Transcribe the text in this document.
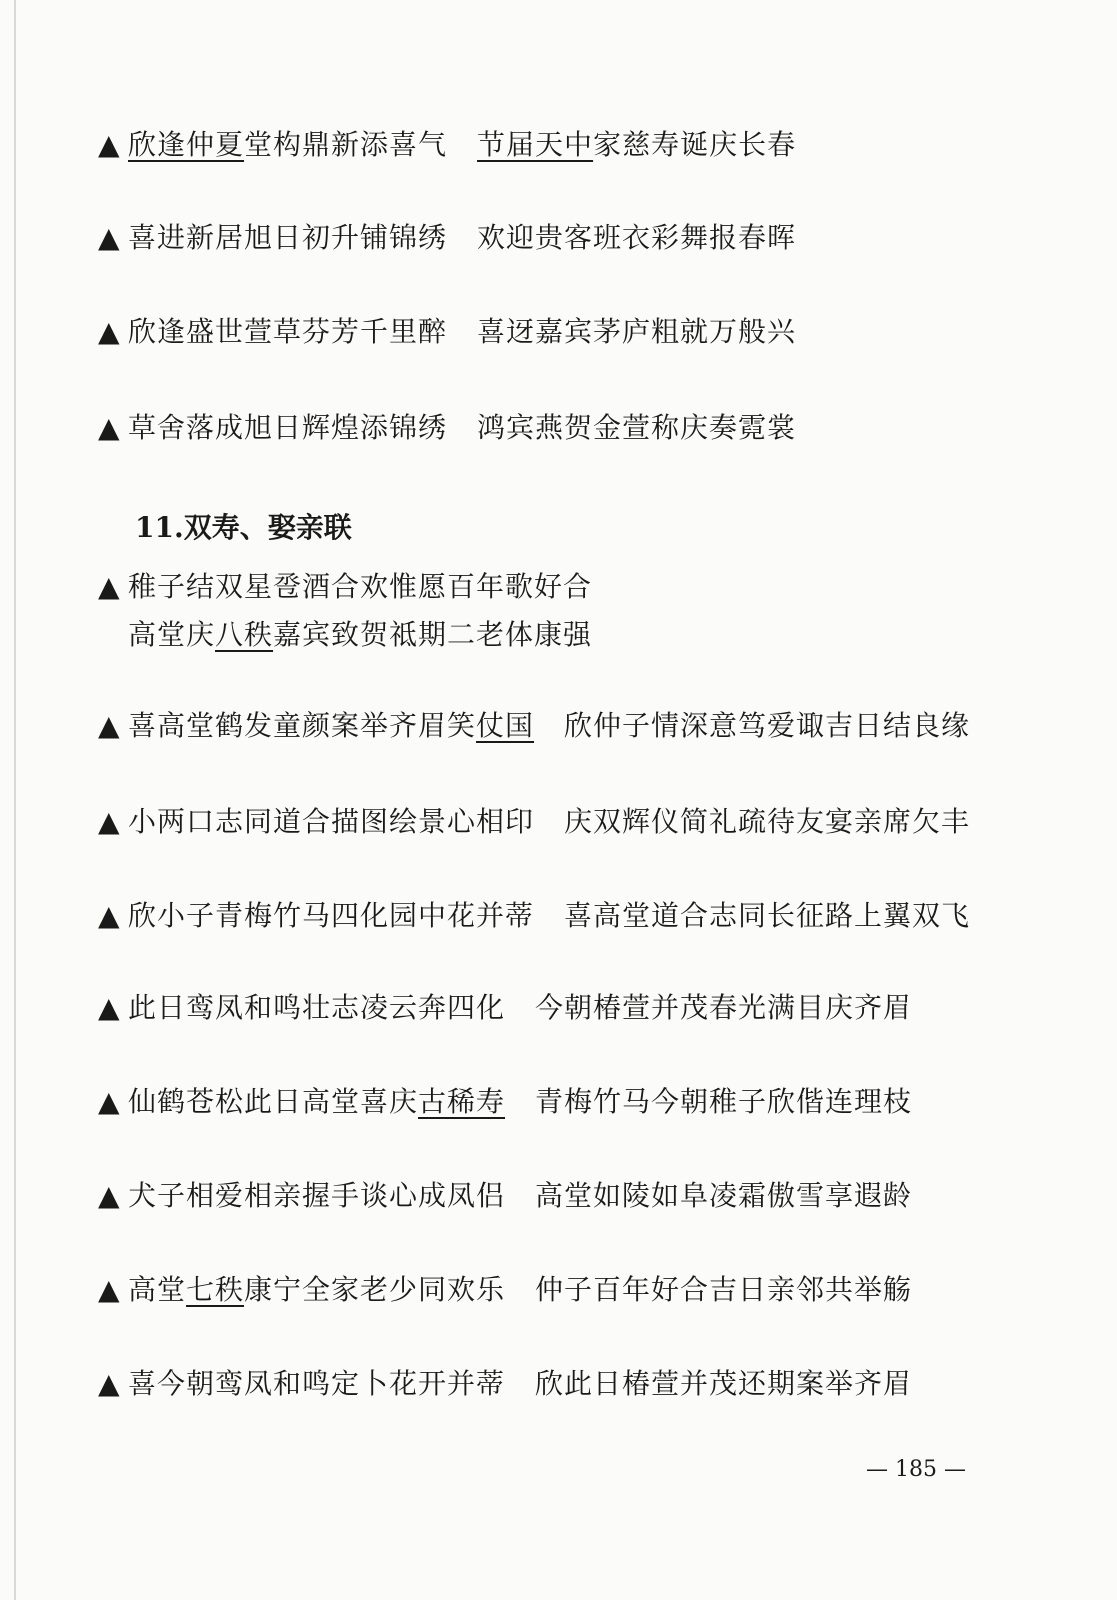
▲ 欣逢仲夏堂构鼎新添喜气 节届天中家慈寿诞庆长春
▲ 喜进新居旭日初升铺锦绣 欢迎贵客班衣彩舞报春晖
▲ 欣逢盛世萱草芬芳千里醉 喜迓嘉宾茅庐粗就万般兴
▲ 草舍落成旭日辉煌添锦绣 鸿宾燕贺金萱称庆奏霓裳
11.双寿、娶亲联
▲ 稚子结双星卺酒合欢惟愿百年歌好合
高堂庆八秩嘉宾致贺祗期二老体康强
▲ 喜高堂鹤发童颜案举齐眉笑仗国 欣仲子情深意笃爱诹吉日结良缘
▲ 小两口志同道合描图绘景心相印 庆双辉仪简礼疏待友宴亲席欠丰
▲ 欣小子青梅竹马四化园中花并蒂 喜高堂道合志同长征路上翼双飞
▲ 此日鸾凤和鸣壮志凌云奔四化 今朝椿萱并茂春光满目庆齐眉
▲ 仙鹤苍松此日高堂喜庆古稀寿 青梅竹马今朝稚子欣偕连理枝
▲ 犬子相爱相亲握手谈心成凤侣 高堂如陵如阜凌霜傲雪享遐龄
▲ 高堂七秩康宁全家老少同欢乐 仲子百年好合吉日亲邻共举觞
▲ 喜今朝鸾凤和鸣定卜花开并蒂 欣此日椿萱并茂还期案举齐眉
— 185 —
